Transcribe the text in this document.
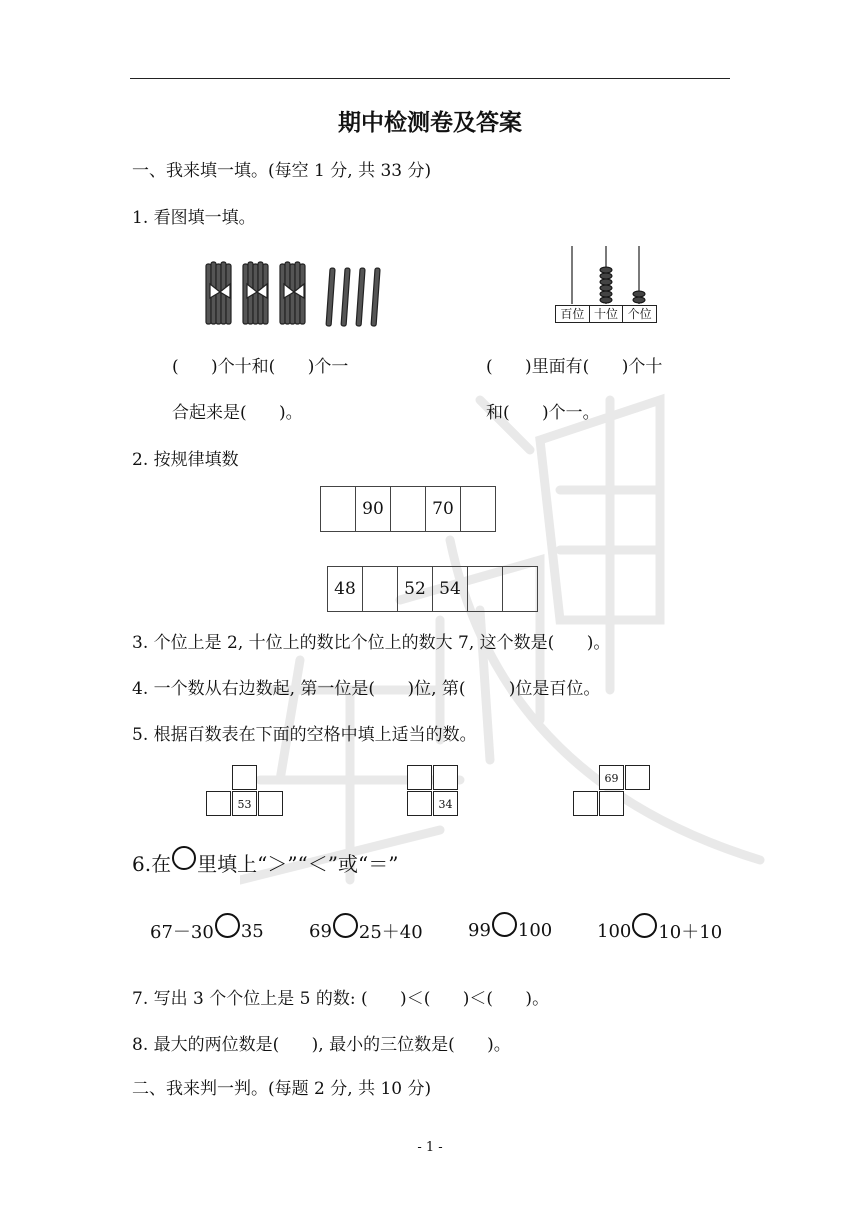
期中检测卷及答案
一、我来填一填。(每空 1 分, 共 33 分)
1. 看图填一填。
百位 十位 个位
(      )个十和(      )个一
合起来是(      )。
(      )里面有(      )个十
和(      )个一。
2. 按规律填数
	90		70	
48		52	54		
3. 个位上是 2, 十位上的数比个位上的数大 7, 这个数是(      )。
4. 一个数从右边数起, 第一位是(      )位, 第(        )位是百位。
5. 根据百数表在下面的空格中填上适当的数。
53	34
69
6.在 里填上“＞”“＜”或“＝”
67－30 35	69 25＋40	99 100 100 10＋10
7. 写出 3 个个位上是 5 的数: (      )＜(      )＜(      )。
8. 最大的两位数是(      ), 最小的三位数是(      )。
二、我来判一判。(每题 2 分, 共 10 分)
- 1 -
